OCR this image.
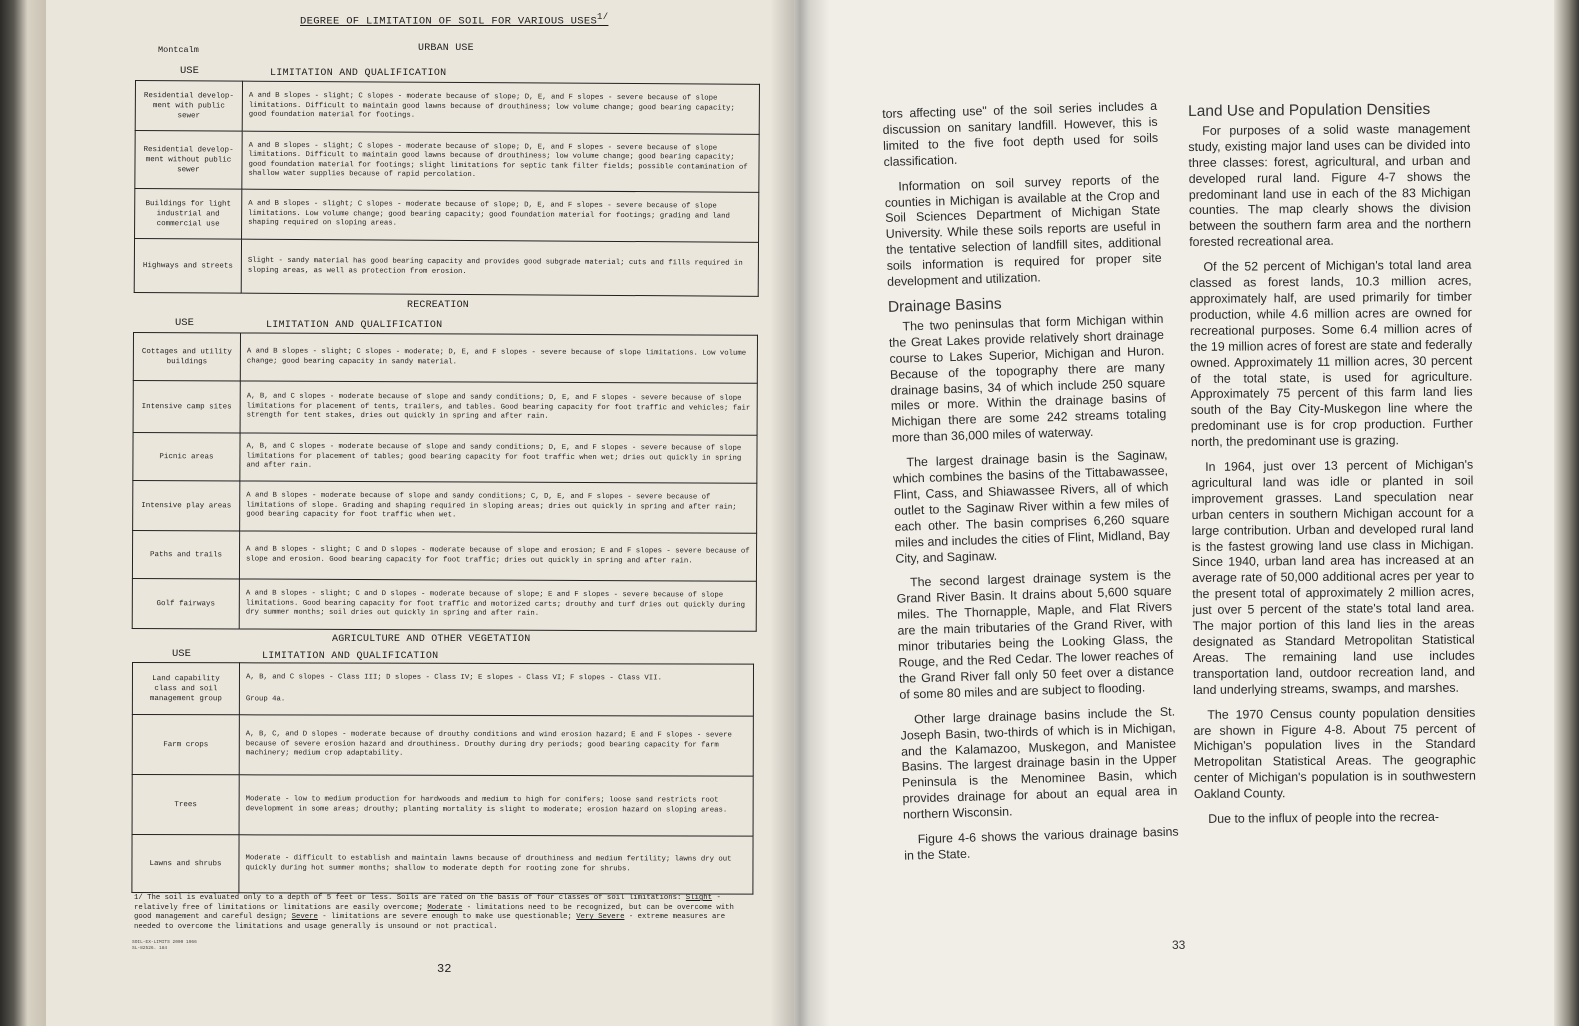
DEGREE OF LIMITATION OF SOIL FOR VARIOUS $USES^{1/}$
Montcalm	URBAN USE
USE	LIMITATION AND QUALIFICATION
Residential develop-ment with public sewer	A and B slopes - slight; C slopes - moderate because of slope; D, E, and F slopes - severe because of slope limitations. Difficult to maintain good lawns because of drouthiness; low volume change; good bearing capacity; good foundation material for footings.
Residential develop-ment without public sewer	A and B slopes - slight; C slopes - moderate because of slope; D, E, and F slopes - severe because of slope limitations. Difficult to maintain good lawns because of drouthiness; low volume change; good bearing capacity; good foundation material for footings; slight limitations for septic tank filter fields; possible contamination of shallow water supplies because of rapid percolation.
Buildings for light industrial and commercial use	A and B slopes - slight; C slopes - moderate because of slope; D, E, and F slopes - severe because of slope limitations. Low volume change; good bearing capacity; good foundation material for footings; grading and land shaping required on sloping areas.
Highways and streets	Slight - sandy material has good bearing capacity and provides good subgrade material; cuts and fills required in sloping areas, as well as protection from erosion.
RECREATION
USE	LIMITATION AND QUALIFICATION
Cottages and utility buildings	A and B slopes - slight; C slopes - moderate; D, E, and F slopes - severe because of slope limitations. Low volume change; good bearing capacity in sandy material.
Intensive camp sites	A, B, and C slopes - moderate because of slope and sandy conditions; D, E, and F slopes - severe because of slope limitations for placement of tents, trailers, and tables. Good bearing capacity for foot traffic and vehicles; fair strength for tent stakes, dries out quickly in spring and after rain.
Picnic areas	A, B, and C slopes - moderate because of slope and sandy conditions; D, E, and F slopes - severe because of slope limitations for placement of tables; good bearing capacity for foot traffic when wet; dries out quickly in spring and after rain.
Intensive play areas	A and B slopes - moderate because of slope and sandy conditions; C, D, E, and F slopes - severe because of limitations of slope. Grading and shaping required in sloping areas; dries out quickly in spring and after rain; good bearing capacity for foot traffic when wet.
Paths and trails	A and B slopes - slight; C and D slopes - moderate because of slope and erosion; E and F slopes - severe because of slope and erosion. Good bearing capacity for foot traffic; dries out quickly in spring and after rain.
Golf fairways	A and B slopes - slight; C and D slopes - moderate because of slope; E and F slopes - severe because of slope limitations. Good bearing capacity for foot traffic and motorized carts; drouthy and turf dries out quickly during dry summer months; soil dries out quickly in spring and after rain.
AGRICULTURE AND OTHER VEGETATION
USE	LIMITATION AND QUALIFICATION
Land capability class and soil management group	A, B, and C slopes - Class III; D slopes - Class IV; E slopes - Class VI; F slopes - Class VII.
Group 4a.

Farm crops	A, B, C, and D slopes - moderate because of drouthy conditions and wind erosion hazard; E and F slopes - severe because of severe erosion hazard and drouthiness. Drouthy during dry periods; good bearing capacity for farm machinery; medium crop adaptability.
Trees	Moderate - low to medium production for hardwoods and medium to high for conifers; loose sand restricts root development in some areas; drouthy; planting mortality is slight to moderate; erosion hazard on sloping areas.
Lawns and shrubs	Moderate - difficult to establish and maintain lawns because of drouthiness and medium fertility; lawns dry out quickly during hot summer months; shallow to moderate depth for rooting zone for shrubs.
1/ The soil is evaluated only to a depth of 5 feet or less. Soils are rated on the basis of four classes of soil limitations: Slight - relatively free of limitations or limitations are easily overcome; Moderate - limitations need to be recognized, but can be overcome with good management and careful design; Severe - limitations are severe enough to make use questionable; Very Severe - extreme measures are needed to overcome the limitations and usage generally is unsound or not practical.
SOIL-EX-LIMITS 2000 1966
SL-82526. 184
32

tors affecting use" of the soil series includes a discussion on sanitary landfill. However, this is limited to the five foot depth used for soils classification.

Information on soil survey reports of the counties in Michigan is available at the Crop and Soil Sciences Department of Michigan State University. While these soils reports are useful in the tentative selection of landfill sites, additional soils information is required for proper site development and utilization.

Drainage Basins

The two peninsulas that form Michigan within the Great Lakes provide relatively short drainage course to Lakes Superior, Michigan and Huron. Because of the topography there are many drainage basins, 34 of which include 250 square miles or more. Within the drainage basins of Michigan there are some 242 streams totaling more than 36,000 miles of waterway.

The largest drainage basin is the Saginaw, which combines the basins of the Tittabawassee, Flint, Cass, and Shiawassee Rivers, all of which outlet to the Saginaw River within a few miles of each other. The basin comprises 6,260 square miles and includes the cities of Flint, Midland, Bay City, and Saginaw.

The second largest drainage system is the Grand River Basin. It drains about 5,600 square miles. The Thornapple, Maple, and Flat Rivers are the main tributaries of the Grand River, with minor tributaries being the Looking Glass, the Rouge, and the Red Cedar. The lower reaches of the Grand River fall only 50 feet over a distance of some 80 miles and are subject to flooding.

Other large drainage basins include the St. Joseph Basin, two-thirds of which is in Michigan, and the Kalamazoo, Muskegon, and Manistee Basins. The largest drainage basin in the Upper Peninsula is the Menominee Basin, which provides drainage for about an equal area in northern Wisconsin.

Figure 4-6 shows the various drainage basins in the State.

Land Use and Population Densities

For purposes of a solid waste management study, existing major land uses can be divided into three classes: forest, agricultural, and urban and developed rural land. Figure 4-7 shows the predominant land use in each of the 83 Michigan counties. The map clearly shows the division between the southern farm area and the northern forested recreational area.

Of the 52 percent of Michigan's total land area classed as forest lands, 10.3 million acres, approximately half, are used primarily for timber production, while 4.6 million acres are owned for recreational purposes. Some 6.4 million acres of the 19 million acres of forest are state and federally owned. Approximately 11 million acres, 30 percent of the total state, is used for agriculture. Approximately 75 percent of this farm land lies south of the Bay City-Muskegon line where the predominant use is for crop production. Further north, the predominant use is grazing.

In 1964, just over 13 percent of Michigan's agricultural land was idle or planted in soil improvement grasses. Land speculation near urban centers in southern Michigan account for a large contribution. Urban and developed rural land is the fastest growing land use class in Michigan. Since 1940, urban land area has increased at an average rate of 50,000 additional acres per year to the present total of approximately 2 million acres, just over 5 percent of the state's total land area. The major portion of this land lies in the areas designated as Standard Metropolitan Statistical Areas. The remaining land use includes transportation land, outdoor recreation land, and land underlying streams, swamps, and marshes.

The 1970 Census county population densities are shown in Figure 4-8. About 75 percent of Michigan's population lives in the Standard Metropolitan Statistical Areas. The geographic center of Michigan's population is in southwestern Oakland County.

Due to the influx of people into the recrea-

33
